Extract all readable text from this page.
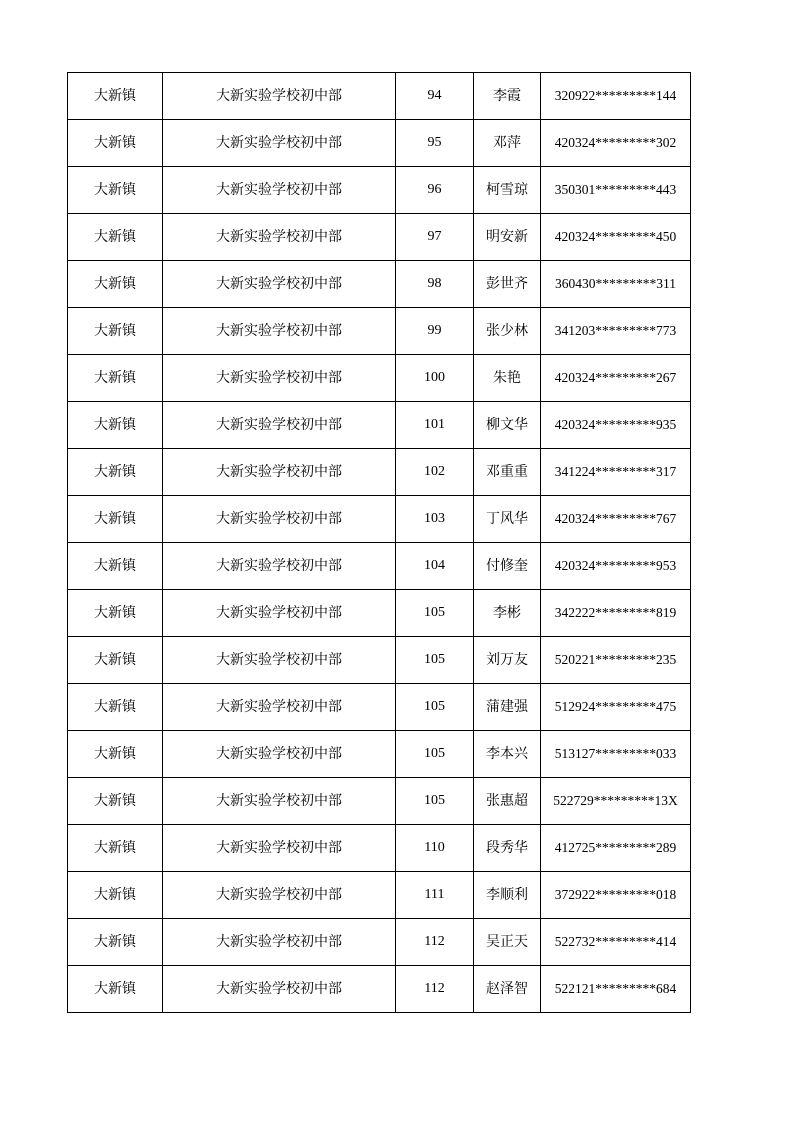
大新镇	大新实验学校初中部	94	李霞	320922*********144
大新镇	大新实验学校初中部	95	邓萍	420324*********302
大新镇	大新实验学校初中部	96	柯雪琼	350301*********443
大新镇	大新实验学校初中部	97	明安新	420324*********450
大新镇	大新实验学校初中部	98	彭世齐	360430*********311
大新镇	大新实验学校初中部	99	张少林	341203*********773
大新镇	大新实验学校初中部	100	朱艳	420324*********267
大新镇	大新实验学校初中部	101	柳文华	420324*********935
大新镇	大新实验学校初中部	102	邓重重	341224*********317
大新镇	大新实验学校初中部	103	丁风华	420324*********767
大新镇	大新实验学校初中部	104	付修奎	420324*********953
大新镇	大新实验学校初中部	105	李彬	342222*********819
大新镇	大新实验学校初中部	105	刘万友	520221*********235
大新镇	大新实验学校初中部	105	蒲建强	512924*********475
大新镇	大新实验学校初中部	105	李本兴	513127*********033
大新镇	大新实验学校初中部	105	张惠超	522729*********13X
大新镇	大新实验学校初中部	110	段秀华	412725*********289
大新镇	大新实验学校初中部	111	李顺利	372922*********018
大新镇	大新实验学校初中部	112	吴正天	522732*********414
大新镇	大新实验学校初中部	112	赵泽智	522121*********684
